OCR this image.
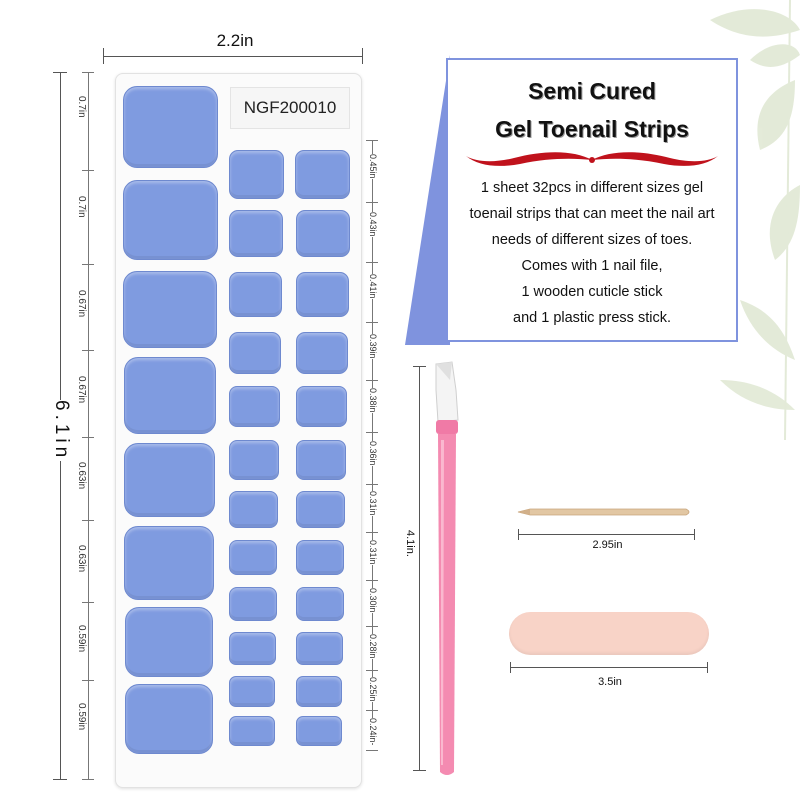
2.2in
6.1in
NGF200010
0.7in
0.7in
0.67in
0.67in
0.63in
0.63in
0.59in
0.59in
0.45in
0.43in
0.41in
0.39in
0.38in
0.36in
0.31in
0.31in
0.30in
0.28in
0.25in
0.24in
Semi Cured
Gel Toenail Strips
1 sheet 32pcs in different sizes gel
toenail strips that can meet the nail art
needs of different sizes of toes.
Comes with 1 nail file,
1 wooden cuticle stick
and 1 plastic press stick.
4.1in.	2.95in
3.5in
